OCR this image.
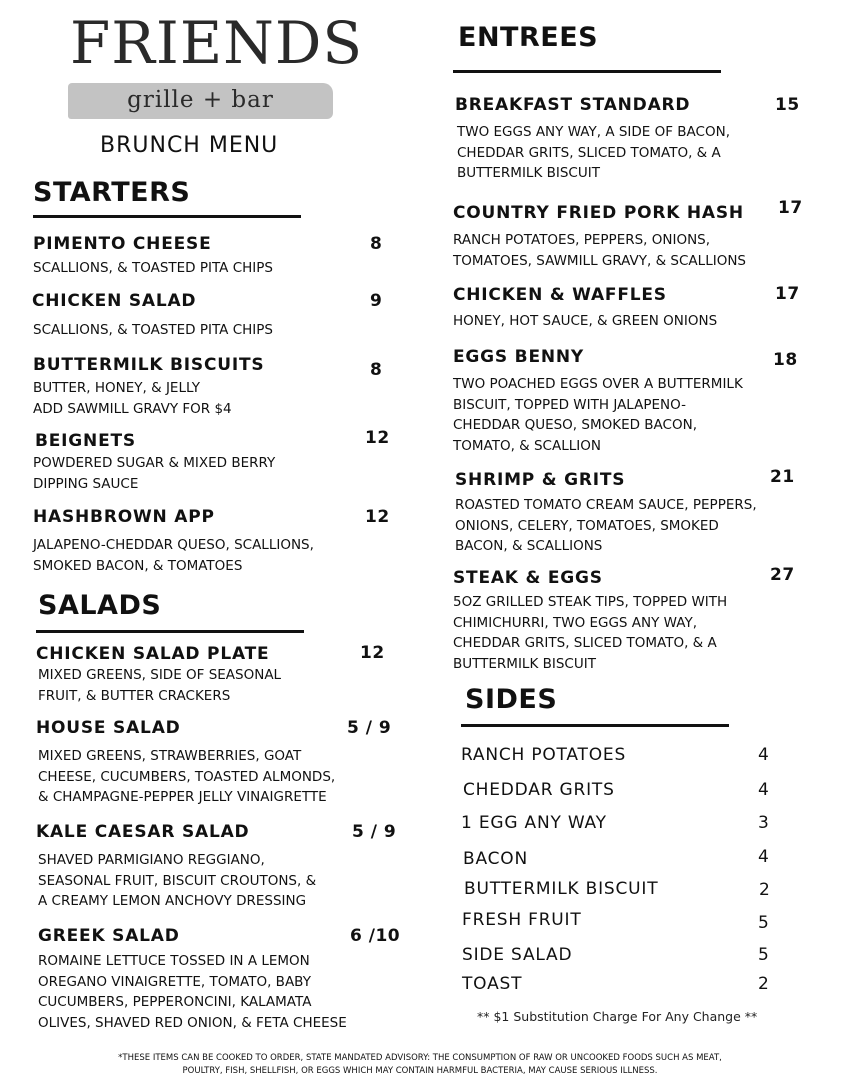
FRIENDS
grille + bar
BRUNCH MENU
STARTERS
PIMENTO CHEESE	8
SCALLIONS, & TOASTED PITA CHIPS
CHICKEN SALAD	9
SCALLIONS, & TOASTED PITA CHIPS
BUTTERMILK BISCUITS	8
BUTTER, HONEY, & JELLY
ADD SAWMILL GRAVY FOR $4
BEIGNETS	12
POWDERED SUGAR & MIXED BERRY
DIPPING SAUCE
HASHBROWN APP	12
JALAPENO-CHEDDAR QUESO, SCALLIONS,
SMOKED BACON, & TOMATOES
SALADS
CHICKEN SALAD PLATE	12
MIXED GREENS, SIDE OF SEASONAL
FRUIT, & BUTTER CRACKERS
HOUSE SALAD	5 / 9
MIXED GREENS, STRAWBERRIES, GOAT
CHEESE, CUCUMBERS, TOASTED ALMONDS,
& CHAMPAGNE-PEPPER JELLY VINAIGRETTE
KALE CAESAR SALAD	5 / 9
SHAVED PARMIGIANO REGGIANO,
SEASONAL FRUIT, BISCUIT CROUTONS, &
A CREAMY LEMON ANCHOVY DRESSING
GREEK SALAD	6 /10
ROMAINE LETTUCE TOSSED IN A LEMON
OREGANO VINAIGRETTE, TOMATO, BABY
CUCUMBERS, PEPPERONCINI, KALAMATA
OLIVES, SHAVED RED ONION, & FETA CHEESE
ENTREES
BREAKFAST STANDARD	15
TWO EGGS ANY WAY, A SIDE OF BACON,
CHEDDAR GRITS, SLICED TOMATO, & A
BUTTERMILK BISCUIT
COUNTRY FRIED PORK HASH 17
RANCH POTATOES, PEPPERS, ONIONS,
TOMATOES, SAWMILL GRAVY, & SCALLIONS
CHICKEN & WAFFLES	17
HONEY, HOT SAUCE, & GREEN ONIONS
EGGS BENNY	18
TWO POACHED EGGS OVER A BUTTERMILK
BISCUIT, TOPPED WITH JALAPENO-
CHEDDAR QUESO, SMOKED BACON,
TOMATO, & SCALLION
SHRIMP & GRITS	21
ROASTED TOMATO CREAM SAUCE, PEPPERS,
ONIONS, CELERY, TOMATOES, SMOKED
BACON, & SCALLIONS
STEAK & EGGS	27
5OZ GRILLED STEAK TIPS, TOPPED WITH
CHIMICHURRI, TWO EGGS ANY WAY,
CHEDDAR GRITS, SLICED TOMATO, & A
BUTTERMILK BISCUIT
SIDES
RANCH POTATOES	4
CHEDDAR GRITS	4
1 EGG ANY WAY	3
BACON	4
BUTTERMILK BISCUIT	2
FRESH FRUIT	5
SIDE SALAD	5
TOAST	2
** $1 Substitution Charge For Any Change **
*THESE ITEMS CAN BE COOKED TO ORDER, STATE MANDATED ADVISORY: THE CONSUMPTION OF RAW OR UNCOOKED FOODS SUCH AS MEAT,
POULTRY, FISH, SHELLFISH, OR EGGS WHICH MAY CONTAIN HARMFUL BACTERIA, MAY CAUSE SERIOUS ILLNESS.
